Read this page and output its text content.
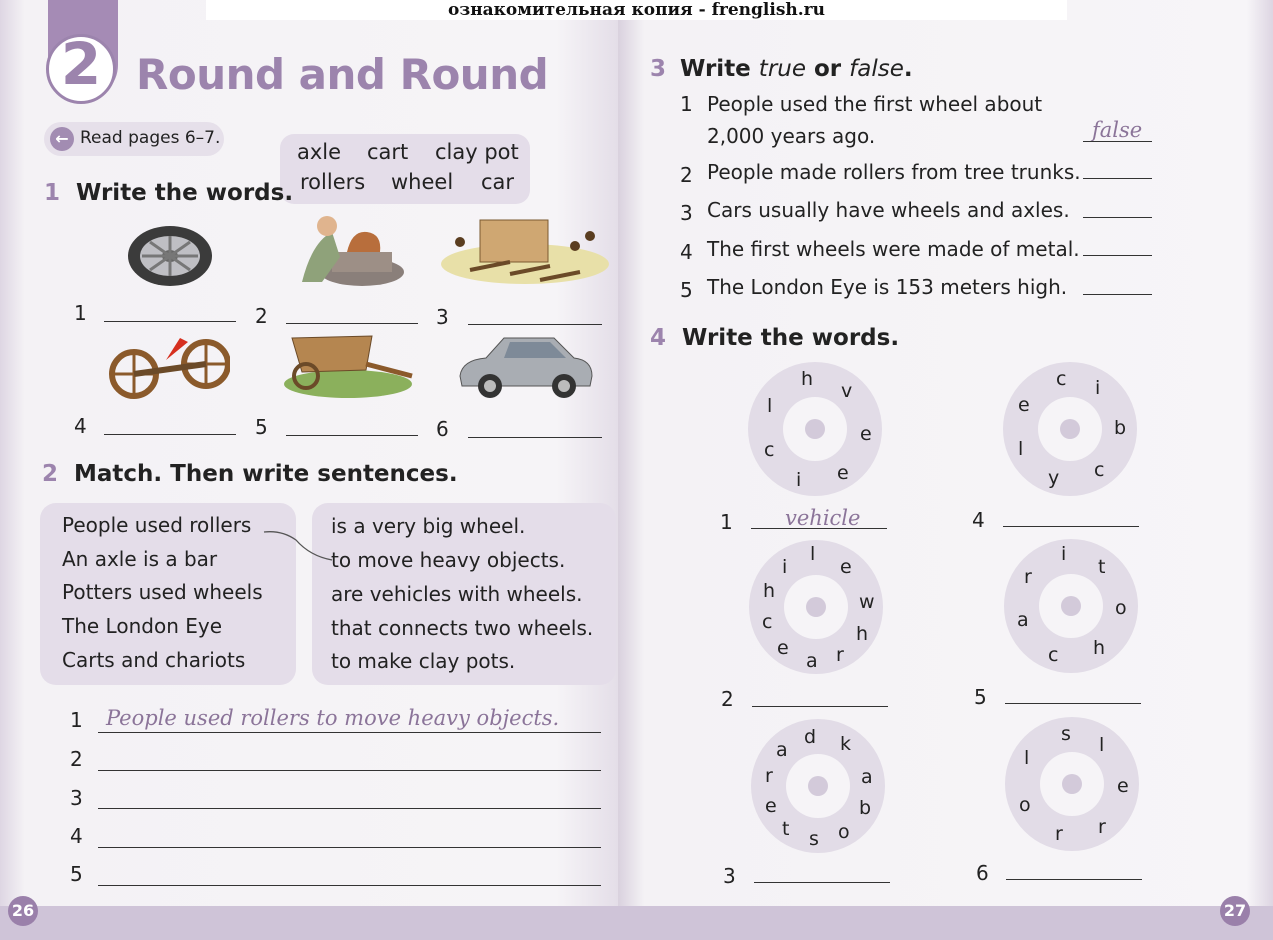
ознакомительная копия - frenglish.ru
2 Round and Round
← Read pages 6–7.
axle cart clay pot
rollers wheel car
1 Write the words.
1	2	3
4	5	6
2 Match. Then write sentences.
People used rollers
An axle is a bar
Potters used wheels
The London Eye
Carts and chariots
is a very big wheel.
to move heavy objects.
are vehicles with wheels.
that connects two wheels.
to make clay pots.
1 People used rollers to move heavy objects.
2
3
4
5
3 Write true or false.
1 People used the first wheel about
2,000 years ago.	false
2 People made rollers from tree trunks.
3 Cars usually have wheels and axles.
4 The first wheels were made of metal.
5 The London Eye is 153 meters high.
4 Write the words.
h
v
e
e
i
c
l
1 vehicle
l
e
w
h
r
a
e
c
h
i
2
d k
a
b
o
s
t
e
r
a
3
c i
b
c
y
l
e
4
i
t
o
h
c
a
r
5
s l
e
r
r
o
l
6
26	27
